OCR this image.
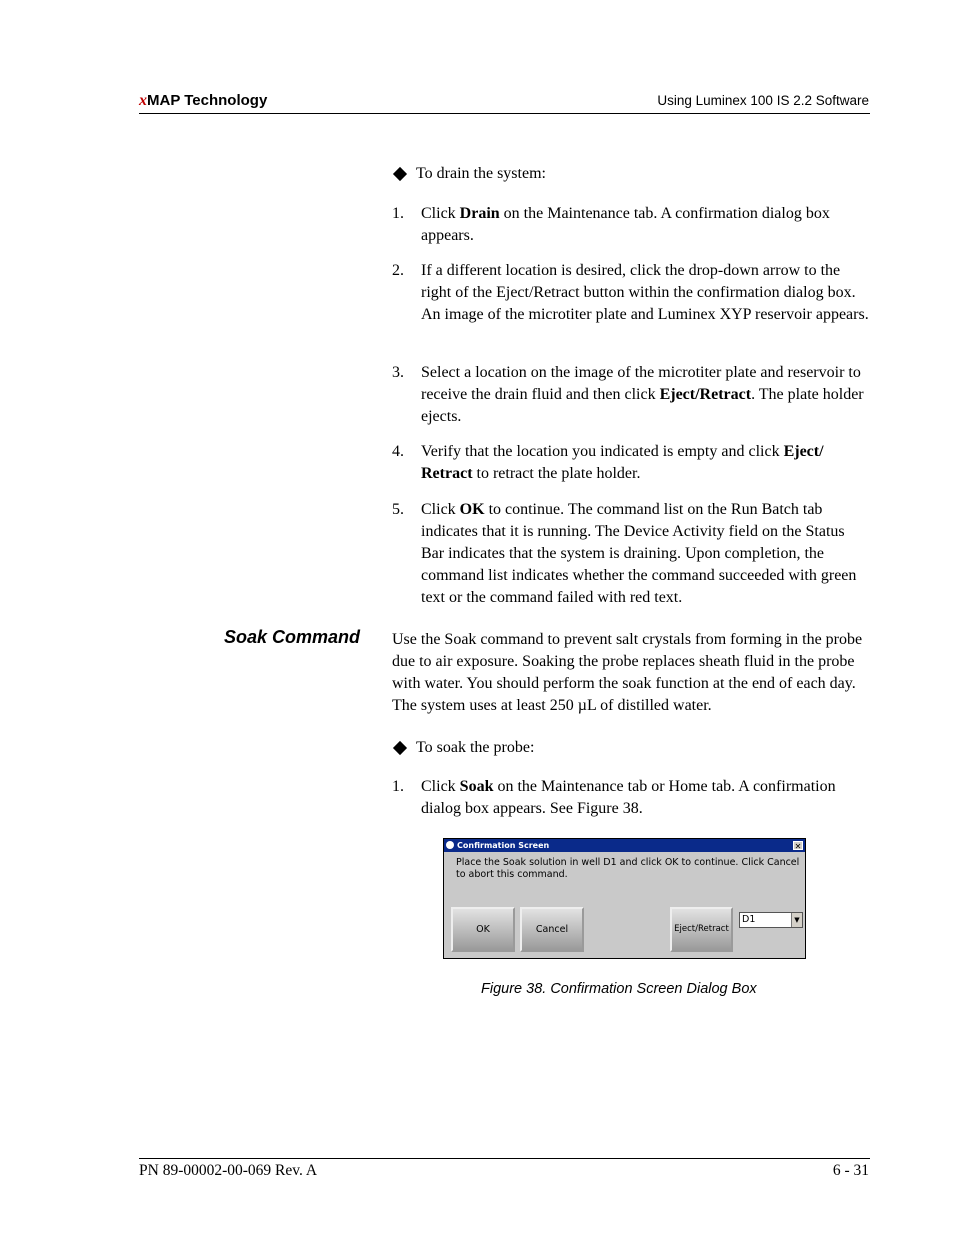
xMAP Technology	Using Luminex 100 IS 2.2 Software
To drain the system:
1. Click Drain on the Maintenance tab. A confirmation dialog box appears.
2. If a different location is desired, click the drop-down arrow to the right of the Eject/Retract button within the confirmation dialog box. An image of the microtiter plate and Luminex XYP reservoir appears.
3. Select a location on the image of the microtiter plate and reservoir to receive the drain fluid and then click Eject/Retract. The plate holder ejects.
4. Verify that the location you indicated is empty and click Eject/ Retract to retract the plate holder.
5. Click OK to continue. The command list on the Run Batch tab indicates that it is running. The Device Activity field on the Status Bar indicates that the system is draining. Upon completion, the command list indicates whether the command succeeded with green text or the command failed with red text.
Soak Command Use the Soak command to prevent salt crystals from forming in the probe due to air exposure. Soaking the probe replaces sheath fluid in the probe with water. You should perform the soak function at the end of each day. The system uses at least 250 µL of distilled water.
To soak the probe:
1. Click Soak on the Maintenance tab or Home tab. A confirmation dialog box appears. See Figure 38.
Confirmation Screen	✕
Place the Soak solution in well D1 and click OK to continue. Click Cancel to abort this command.
OK	Cancel	Eject/Retract
D1	▼
Figure 38. Confirmation Screen Dialog Box
PN 89-00002-00-069 Rev. A	6 - 31
